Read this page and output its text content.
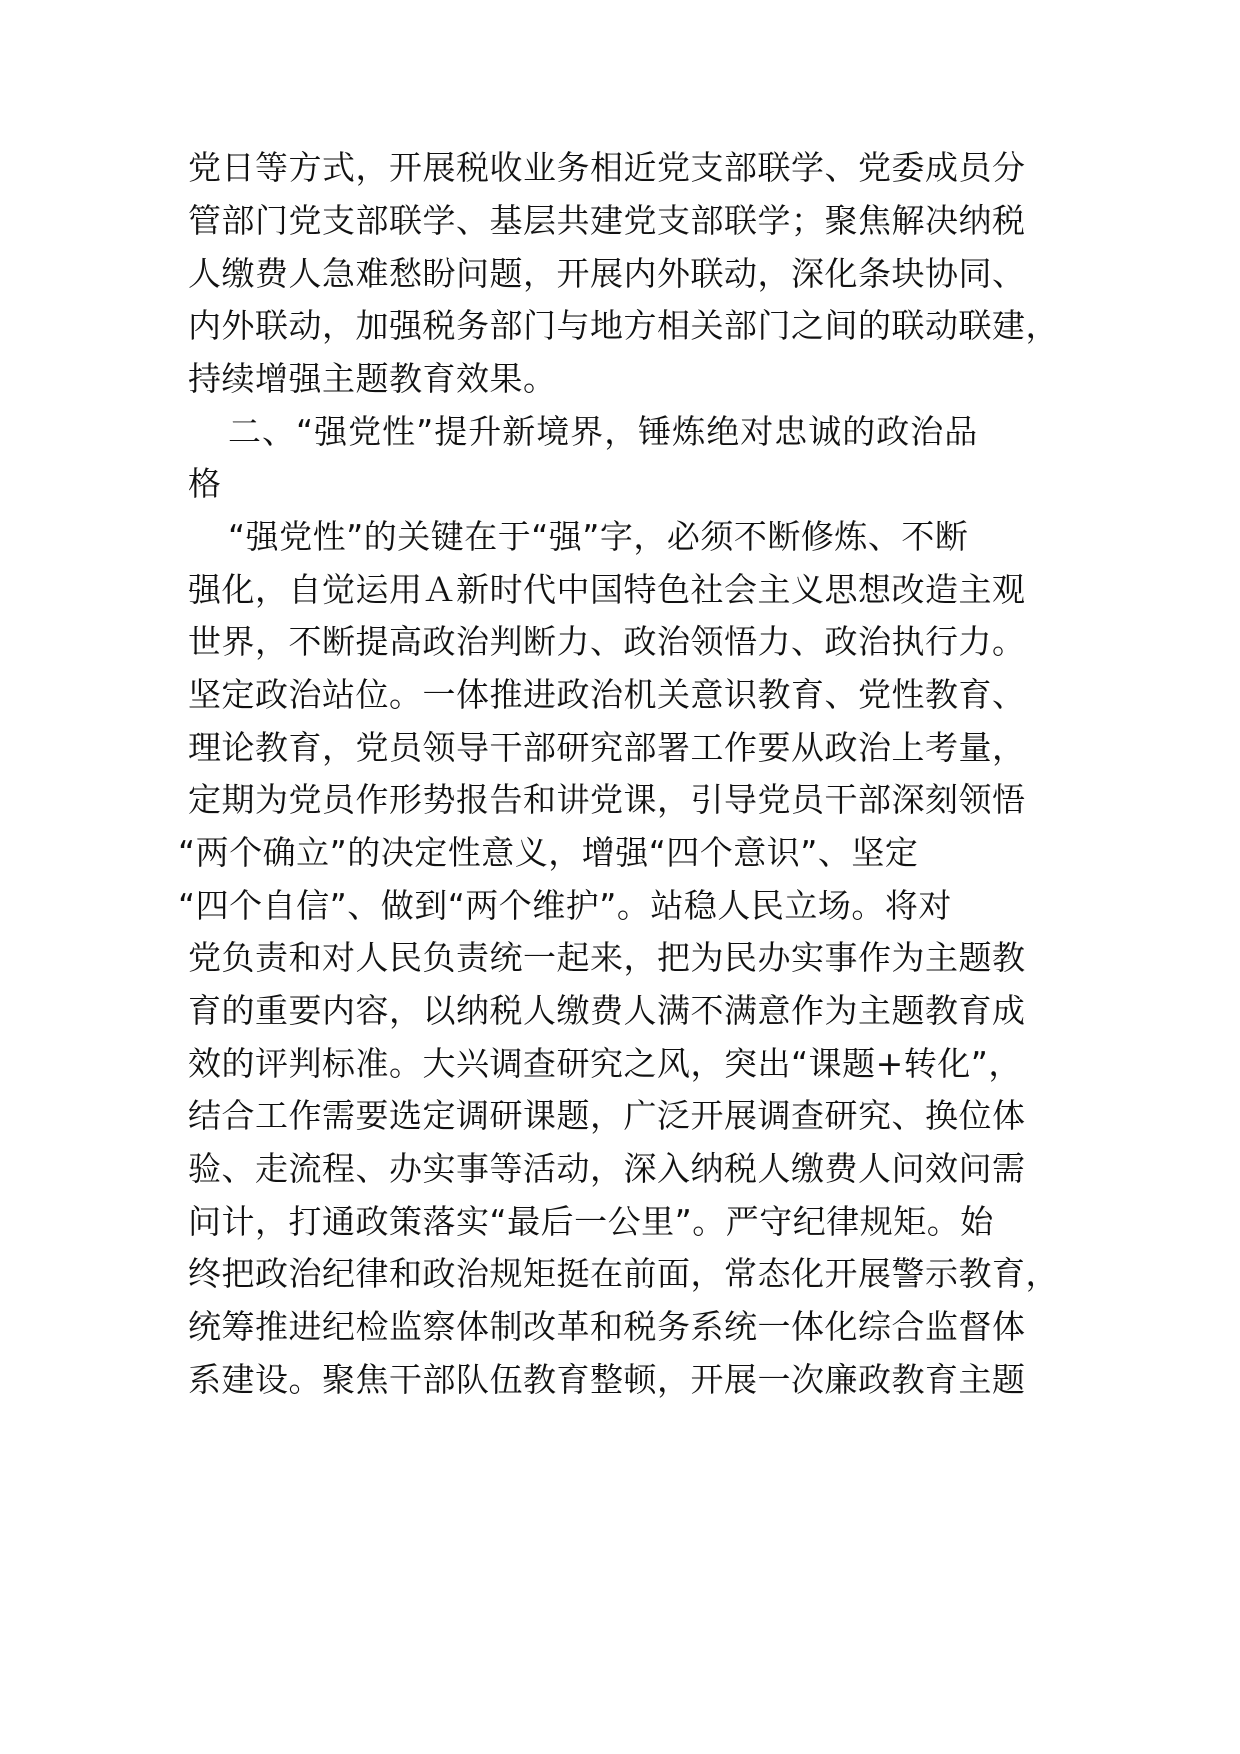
党日等方式，开展税收业务相近党支部联学、党委成员分
管部门党支部联学、基层共建党支部联学；聚焦解决纳税
人缴费人急难愁盼问题，开展内外联动，深化条块协同、
内外联动，加强税务部门与地方相关部门之间的联动联建，
持续增强主题教育效果。
二、“强党性”提升新境界，锤炼绝对忠诚的政治品
格
“强党性”的关键在于“强”字，必须不断修炼、不断
强化，自觉运用Ａ新时代中国特色社会主义思想改造主观
世界，不断提高政治判断力、政治领悟力、政治执行力。
坚定政治站位。一体推进政治机关意识教育、党性教育、
理论教育，党员领导干部研究部署工作要从政治上考量，
定期为党员作形势报告和讲党课，引导党员干部深刻领悟
“两个确立”的决定性意义，增强“四个意识”、坚定
“四个自信”、做到“两个维护”。站稳人民立场。将对
党负责和对人民负责统一起来，把为民办实事作为主题教
育的重要内容，以纳税人缴费人满不满意作为主题教育成
效的评判标准。大兴调查研究之风，突出“课题+转化”，
结合工作需要选定调研课题，广泛开展调查研究、换位体
验、走流程、办实事等活动，深入纳税人缴费人问效问需
问计，打通政策落实“最后一公里”。严守纪律规矩。始
终把政治纪律和政治规矩挺在前面，常态化开展警示教育，
统筹推进纪检监察体制改革和税务系统一体化综合监督体
系建设。聚焦干部队伍教育整顿，开展一次廉政教育主题
